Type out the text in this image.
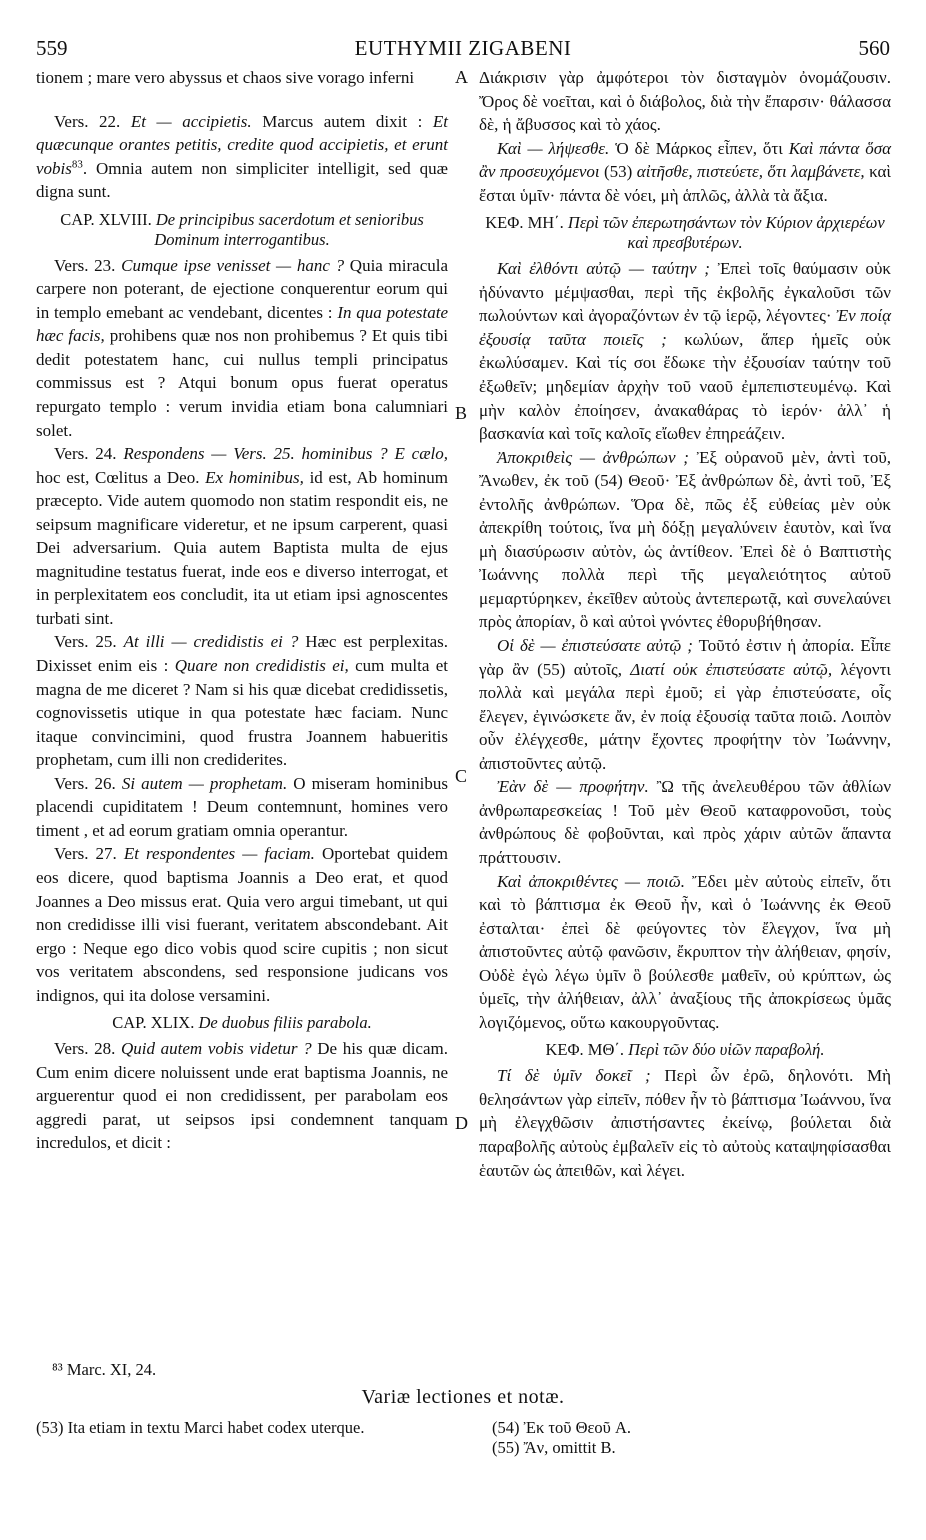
559	EUTHYMII ZIGABENI	560

tionem ; mare vero abyssus et chaos sive vorago inferni

Vers. 22. Et — accipietis. Marcus autem dixit : Et quæcunque orantes petitis, credite quod accipietis, et erunt vobis$^{83}$. Omnia autem non simpliciter intelligit, sed quæ digna sunt.

CAP. XLVIII. De principibus sacerdotum et senioribus Dominum interrogantibus.

Vers. 23. Cumque ipse venisset — hanc ? Quia miracula carpere non poterant, de ejectione conquerentur eorum qui in templo emebant ac vendebant, dicentes : In qua potestate hæc facis, prohibens quæ nos non prohibemus ? Et quis tibi dedit potestatem hanc, cui nullus templi principatus commissus est ? Atqui bonum opus fuerat operatus repurgato templo : verum invidia etiam bona calumniari solet.

Vers. 24. Respondens — Vers. 25. hominibus ? E cælo, hoc est, Cœlitus a Deo. Ex hominibus, id est, Ab hominum præcepto. Vide autem quomodo non statim respondit eis, ne seipsum magnificare videretur, et ne ipsum carperent, quasi Dei adversarium. Quia autem Baptista multa de ejus magnitudine testatus fuerat, inde eos e diverso interrogat, et in perplexitatem eos concludit, ita ut etiam ipsi agnoscentes turbati sint.

Vers. 25. At illi — credidistis ei ? Hæc est perplexitas. Dixisset enim eis : Quare non credidistis ei, cum multa et magna de me diceret ? Nam si his quæ dicebat credidissetis, cognovissetis utique in qua potestate hæc faciam. Nunc itaque convincimini, quod frustra Joannem habueritis prophetam, cum illi non crediderites.

Vers. 26. Si autem — prophetam. O miseram hominibus placendi cupiditatem ! Deum contemnunt, homines vero timent , et ad eorum gratiam omnia operantur.

Vers. 27. Et respondentes — faciam. Oportebat quidem eos dicere, quod baptisma Joannis a Deo erat, et quod Joannes a Deo missus erat. Quia vero argui timebant, ut qui non credidisse illi visi fuerant, veritatem abscondebant. Ait ergo : Neque ego dico vobis quod scire cupitis ; non sicut vos veritatem abscondens, sed responsione judicans vos indignos, qui ita dolose versamini.

CAP. XLIX. De duobus filiis parabola.

Vers. 28. Quid autem vobis videtur ? De his quæ dicam. Cum enim dicere noluissent unde erat baptisma Joannis, ne arguerentur quod ei non credidissent, per parabolam eos aggredi parat, ut seipsos ipsi condemnent tanquam incredulos, et dicit :

A
B
C
D

Διάκρισιν γὰρ ἀμφότεροι τὸν δισταγμὸν ὀνομάζουσιν. Ὄρος δὲ νοεῖται, καὶ ὁ διάβολος, διὰ τὴν ἔπαρσιν· θάλασσα δὲ, ἡ ἄβυσσος καὶ τὸ χάος.

Καὶ — λήψεσθε. Ὁ δὲ Μάρκος εἶπεν, ὅτι Καὶ πάντα ὅσα ἂν προσευχόμενοι (53) αἰτῆσθε, πιστεύετε, ὅτι λαμβάνετε, καὶ ἔσται ὑμῖν· πάντα δὲ νόει, μὴ ἁπλῶς, ἀλλὰ τὰ ἄξια.

ΚΕΦ. ΜΗ΄. Περὶ τῶν ἐπερωτησάντων τὸν Κύριον ἀρχιερέων καὶ πρεσβυτέρων.

Καὶ ἐλθόντι αὐτῷ — ταύτην ; Ἐπεὶ τοῖς θαύμασιν οὐκ ἠδύναντο μέμψασθαι, περὶ τῆς ἐκβολῆς ἐγκαλοῦσι τῶν πωλούντων καὶ ἀγοραζόντων ἐν τῷ ἱερῷ, λέγοντες· Ἐν ποίᾳ ἐξουσίᾳ ταῦτα ποιεῖς ; κωλύων, ἅπερ ἡμεῖς οὐκ ἐκωλύσαμεν. Καὶ τίς σοι ἔδωκε τὴν ἐξουσίαν ταύτην τοῦ ἐξωθεῖν; μηδεμίαν ἀρχὴν τοῦ ναοῦ ἐμπεπιστευμένῳ. Καὶ μὴν καλὸν ἐποίησεν, ἀνακαθάρας τὸ ἱερόν· ἀλλ᾽ ἡ βασκανία καὶ τοῖς καλοῖς εἴωθεν ἐπηρεάζειν.

Ἀποκριθεὶς — ἀνθρώπων ; Ἐξ οὐρανοῦ μὲν, ἀντὶ τοῦ, Ἄνωθεν, ἐκ τοῦ (54) Θεοῦ· Ἐξ ἀνθρώπων δὲ, ἀντὶ τοῦ, Ἐξ ἐντολῆς ἀνθρώπων. Ὅρα δὲ, πῶς ἐξ εὐθείας μὲν οὐκ ἀπεκρίθη τούτοις, ἵνα μὴ δόξῃ μεγαλύνειν ἑαυτὸν, καὶ ἵνα μὴ διασύρωσιν αὐτὸν, ὡς ἀντίθεον. Ἐπεὶ δὲ ὁ Βαπτιστὴς Ἰωάννης πολλὰ περὶ τῆς μεγαλειότητος αὐτοῦ μεμαρτύρηκεν, ἐκεῖθεν αὐτοὺς ἀντεπερωτᾷ, καὶ συνελαύνει πρὸς ἀπορίαν, ὃ καὶ αὐτοὶ γνόντες ἐθορυβήθησαν.

Οἱ δὲ — ἐπιστεύσατε αὐτῷ ; Τοῦτό ἐστιν ἡ ἀπορία. Εἶπε γὰρ ἂν (55) αὐτοῖς, Διατί οὐκ ἐπιστεύσατε αὐτῷ, λέγοντι πολλὰ καὶ μεγάλα περὶ ἐμοῦ; εἰ γὰρ ἐπιστεύσατε, οἷς ἔλεγεν, ἐγινώσκετε ἄν, ἐν ποίᾳ ἐξουσίᾳ ταῦτα ποιῶ. Λοιπὸν οὖν ἐλέγχεσθε, μάτην ἔχοντες προφήτην τὸν Ἰωάννην, ἀπιστοῦντες αὐτῷ.

Ἐὰν δὲ — προφήτην. Ὢ τῆς ἀνελευθέρου τῶν ἀθλίων ἀνθρωπαρεσκείας ! Τοῦ μὲν Θεοῦ καταφρονοῦσι, τοὺς ἀνθρώπους δὲ φοβοῦνται, καὶ πρὸς χάριν αὐτῶν ἅπαντα πράττουσιν.

Καὶ ἀποκριθέντες — ποιῶ. Ἔδει μὲν αὐτοὺς εἰπεῖν, ὅτι καὶ τὸ βάπτισμα ἐκ Θεοῦ ἦν, καὶ ὁ Ἰωάννης ἐκ Θεοῦ ἐσταλται· ἐπεὶ δὲ φεύγοντες τὸν ἔλεγχον, ἵνα μὴ ἀπιστοῦντες αὐτῷ φανῶσιν, ἔκρυπτον τὴν ἀλήθειαν, φησίν, Οὐδὲ ἐγὼ λέγω ὑμῖν ὃ βούλεσθε μαθεῖν, οὐ κρύπτων, ὡς ὑμεῖς, τὴν ἀλήθειαν, ἀλλ᾽ ἀναξίους τῆς ἀποκρίσεως ὑμᾶς λογιζόμενος, οὕτω κακουργοῦντας.

ΚΕΦ. ΜΘ΄. Περὶ τῶν δύο υἱῶν παραβολή.

Τί δὲ ὑμῖν δοκεῖ ; Περὶ ὧν ἐρῶ, δηλονότι. Μὴ θελησάντων γὰρ εἰπεῖν, πόθεν ἦν τὸ βάπτισμα Ἰωάννου, ἵνα μὴ ἐλεγχθῶσιν ἀπιστήσαντες ἐκείνῳ, βούλεται διὰ παραβολῆς αὐτοὺς ἐμβαλεῖν εἰς τὸ αὐτοὺς καταψηφίσασθαι ἑαυτῶν ὡς ἀπειθῶν, καὶ λέγει.

⁸³ Marc. XI, 24.
Variæ lectiones et notæ.
(53) Ita etiam in textu Marci habet codex uterque.	(54) Ἐκ τοῦ Θεοῦ A.
(55) Ἄν, omittit B.
